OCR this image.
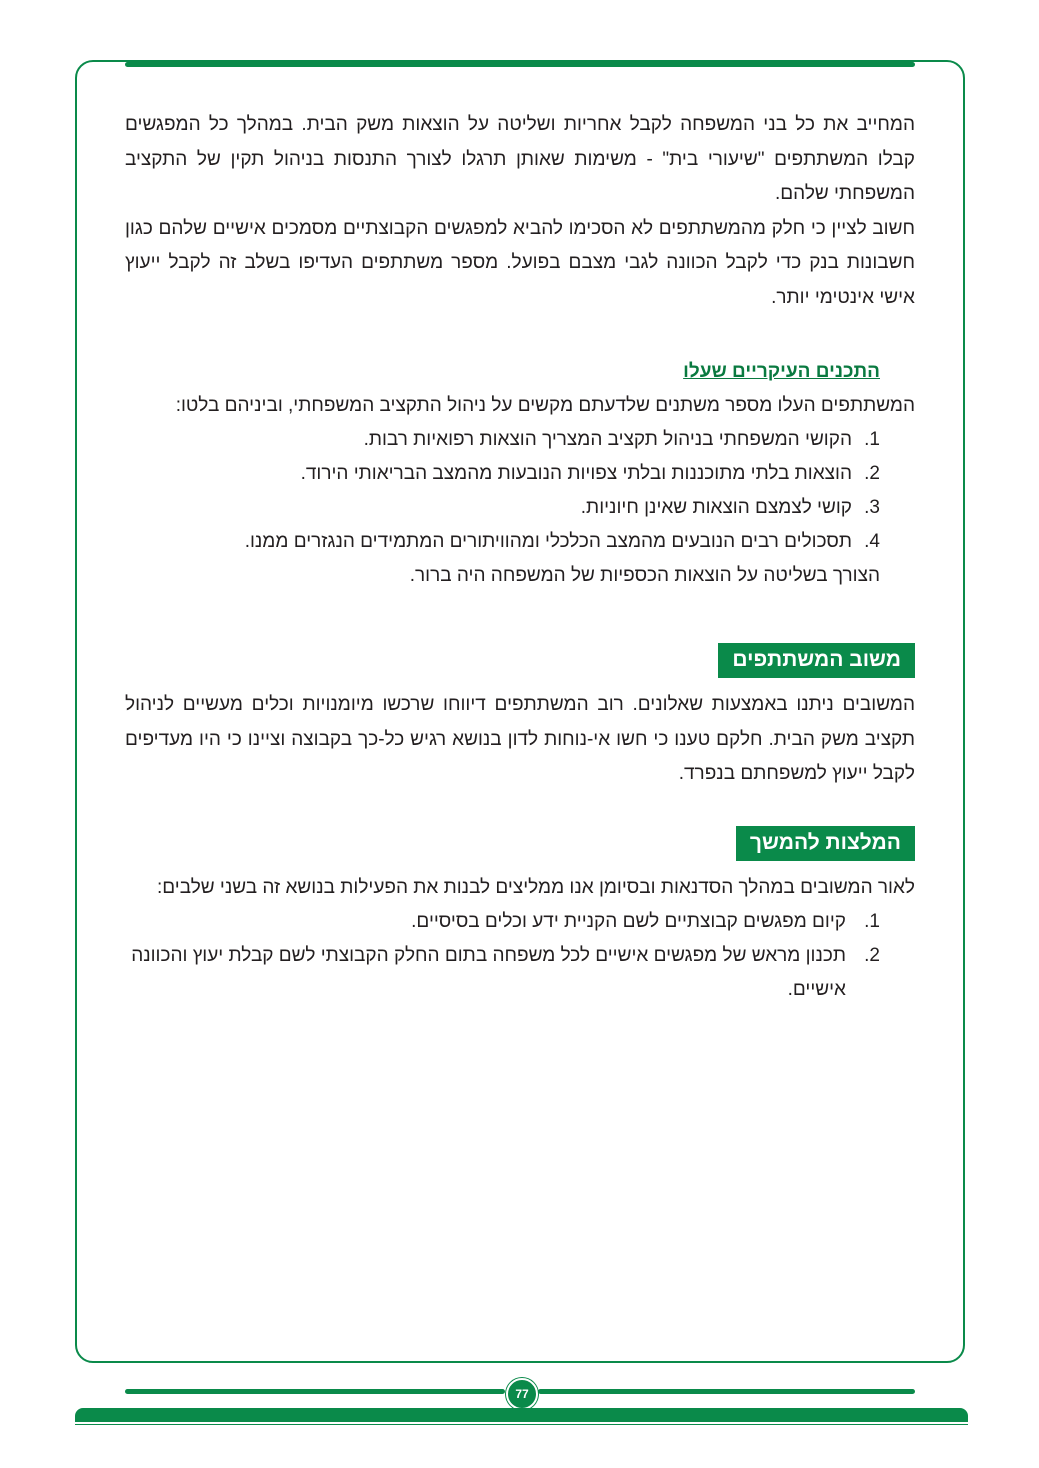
המחייב את כל בני המשפחה לקבל אחריות ושליטה על הוצאות משק הבית. במהלך כל המפגשים קבלו המשתתפים "שיעורי בית" - משימות שאותן תרגלו לצורך התנסות בניהול תקין של התקציב המשפחתי שלהם.

חשוב לציין כי חלק מהמשתתפים לא הסכימו להביא למפגשים הקבוצתיים מסמכים אישיים שלהם כגון חשבונות בנק כדי לקבל הכוונה לגבי מצבם בפועל. מספר משתתפים העדיפו בשלב זה לקבל ייעוץ אישי אינטימי יותר.

התכנים העיקריים שעלו

המשתתפים העלו מספר משתנים שלדעתם מקשים על ניהול התקציב המשפחתי, וביניהם בלטו:

1.
הקושי המשפחתי בניהול תקציב המצריך הוצאות רפואיות רבות.
2.
הוצאות בלתי מתוכננות ובלתי צפויות הנובעות מהמצב הבריאותי הירוד.
3.
קושי לצמצם הוצאות שאינן חיוניות.
4.
תסכולים רבים הנובעים מהמצב הכלכלי ומהוויתורים המתמידים הנגזרים ממנו.

הצורך בשליטה על הוצאות הכספיות של המשפחה היה ברור.

משוב המשתתפים

המשובים ניתנו באמצעות שאלונים. רוב המשתתפים דיווחו שרכשו מיומנויות וכלים מעשיים לניהול תקציב משק הבית. חלקם טענו כי חשו אי-נוחות לדון בנושא רגיש כל-כך בקבוצה וציינו כי היו מעדיפים לקבל ייעוץ למשפחתם בנפרד.

המלצות להמשך

לאור המשובים במהלך הסדנאות ובסיומן אנו ממליצים לבנות את הפעילות בנושא זה בשני שלבים:

1.
קיום מפגשים קבוצתיים לשם הקניית ידע וכלים בסיסיים.
2.
תכנון מראש של מפגשים אישיים לכל משפחה בתום החלק הקבוצתי לשם קבלת יעוץ והכוונה אישיים.
77
